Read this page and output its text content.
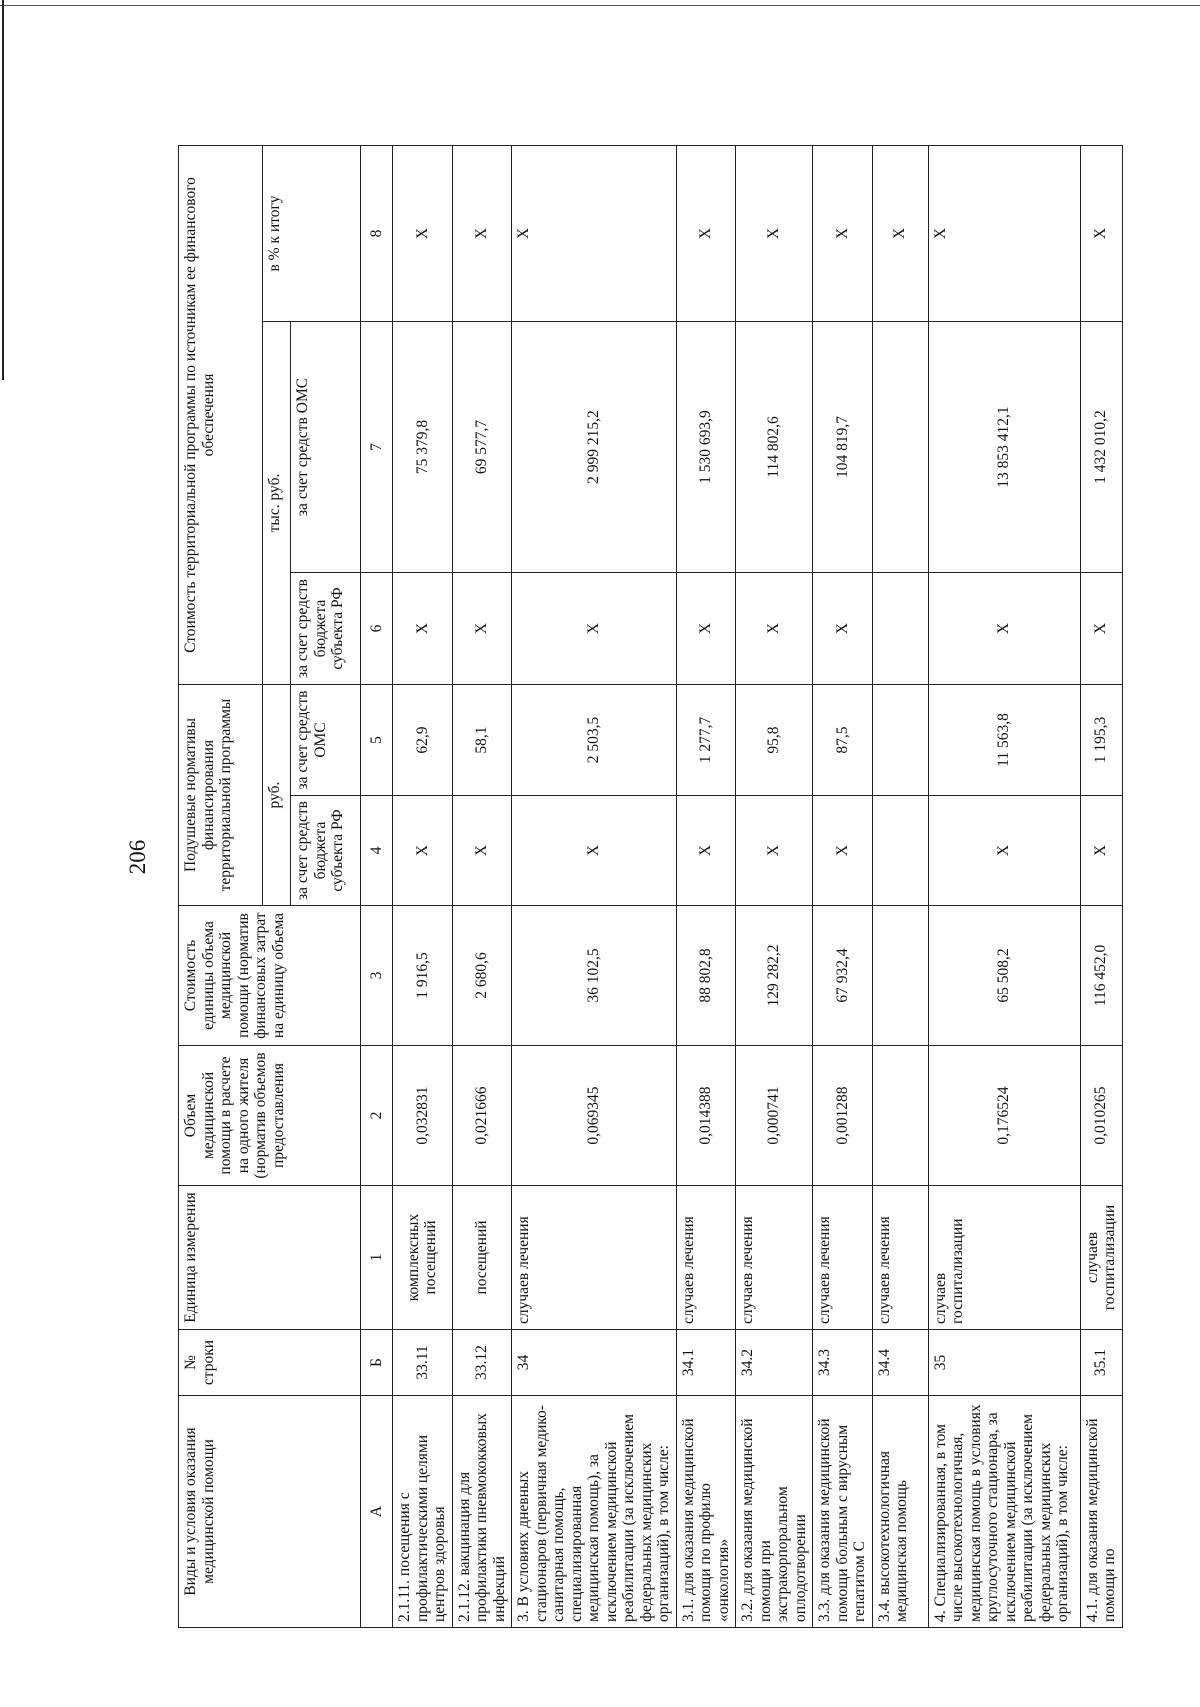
206
Виды и условия оказания медицинской помощи	№ строки	Единица измерения	Объем медицинской помощи в расчете на одного жителя (норматив объемов предоставления	Стоимость единицы объема медицинской помощи (норматив финансовых затрат на единицу объема	Подушевые нормативы финансирования территориальной программы		Стоимость территориальной программы по источникам ее финансового обеспечения		
					руб.		тыс. руб.		в % к итогу
					за счет средств бюджета субъекта РФ	за счет средств ОМС	за счет средств бюджета субъекта РФ	за счет средств ОМС	
А	Б	1	2	3	4	5	6	7	8
2.1.11. посещения с профилактическими целями центров здоровья	33.11	комплексных посещений	0,032831	1 916,5	X	62,9	X	75 379,8	X
2.1.12. вакцинация для профилактики пневмококковых инфекций	33.12	посещений	0,021666	2 680,6	X	58,1	X	69 577,7	X
3. В условиях дневных стационаров (первичная медико-санитарная помощь, специализированная медицинская помощь), за исключением медицинской реабилитации (за исключением федеральных медицинских организаций), в том числе:	34	случаев лечения	0,069345	36 102,5	X	2 503,5	X	2 999 215,2	X
3.1. для оказания медицинской помощи по профилю «онкология»	34.1	случаев лечения	0,014388	88 802,8	X	1 277,7	X	1 530 693,9	X
3.2. для оказания медицинской помощи при экстракорпоральном оплодотворении	34.2	случаев лечения	0,000741	129 282,2	X	95,8	X	114 802,6	X
3.3. для оказания медицинской помощи больным с вирусным гепатитом С	34.3	случаев лечения	0,001288	67 932,4	X	87,5	X	104 819,7	X
3.4. высокотехнологичная медицинская помощь	34.4	случаев лечения							X
4. Специализированная, в том числе высокотехнологичная, медицинская помощь в условиях круглосуточного стационара, за исключением медицинской реабилитации (за исключением федеральных медицинских организаций), в том числе:	35	случаев госпитализации	0,176524	65 508,2	X	11 563,8	X	13 853 412,1	X
4.1. для оказания медицинской помощи по	35.1	случаев госпитализации	0,010265	116 452,0	X	1 195,3	X	1 432 010,2	X
